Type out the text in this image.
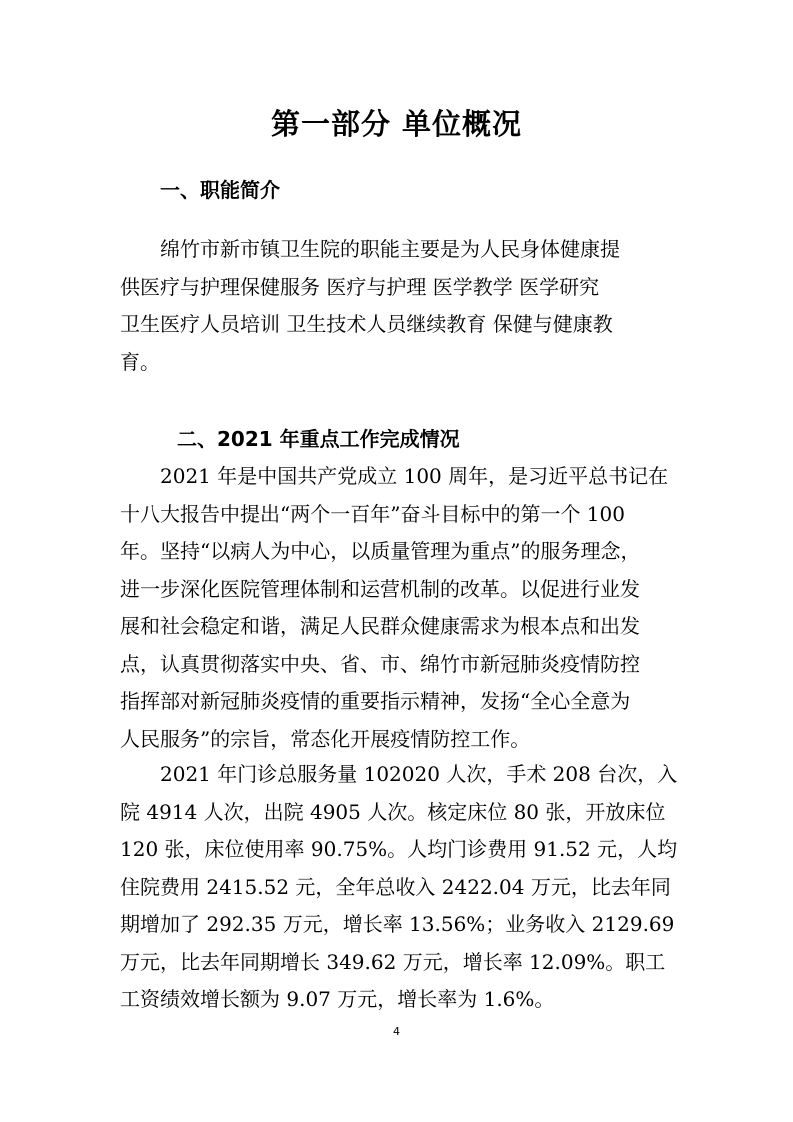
第一部分 单位概况
一、职能简介
绵竹市新市镇卫生院的职能主要是为人民身体健康提
供医疗与护理保健服务 医疗与护理 医学教学 医学研究
卫生医疗人员培训 卫生技术人员继续教育 保健与健康教
育。
二、2021 年重点工作完成情况
2021 年是中国共产党成立 100 周年，是习近平总书记在
十八大报告中提出“两个一百年”奋斗目标中的第一个 100
年。坚持“以病人为中心，以质量管理为重点”的服务理念，
进一步深化医院管理体制和运营机制的改革。以促进行业发
展和社会稳定和谐，满足人民群众健康需求为根本点和出发
点，认真贯彻落实中央、省、市、绵竹市新冠肺炎疫情防控
指挥部对新冠肺炎疫情的重要指示精神，发扬“全心全意为
人民服务”的宗旨，常态化开展疫情防控工作。
2021 年门诊总服务量 102020 人次，手术 208 台次，入
院 4914 人次，出院 4905 人次。核定床位 80 张，开放床位
120 张，床位使用率 90.75%。人均门诊费用 91.52 元，人均
住院费用 2415.52 元，全年总收入 2422.04 万元，比去年同
期增加了 292.35 万元，增长率 13.56%；业务收入 2129.69
万元，比去年同期增长 349.62 万元，增长率 12.09%。职工
工资绩效增长额为 9.07 万元，增长率为 1.6%。
4
